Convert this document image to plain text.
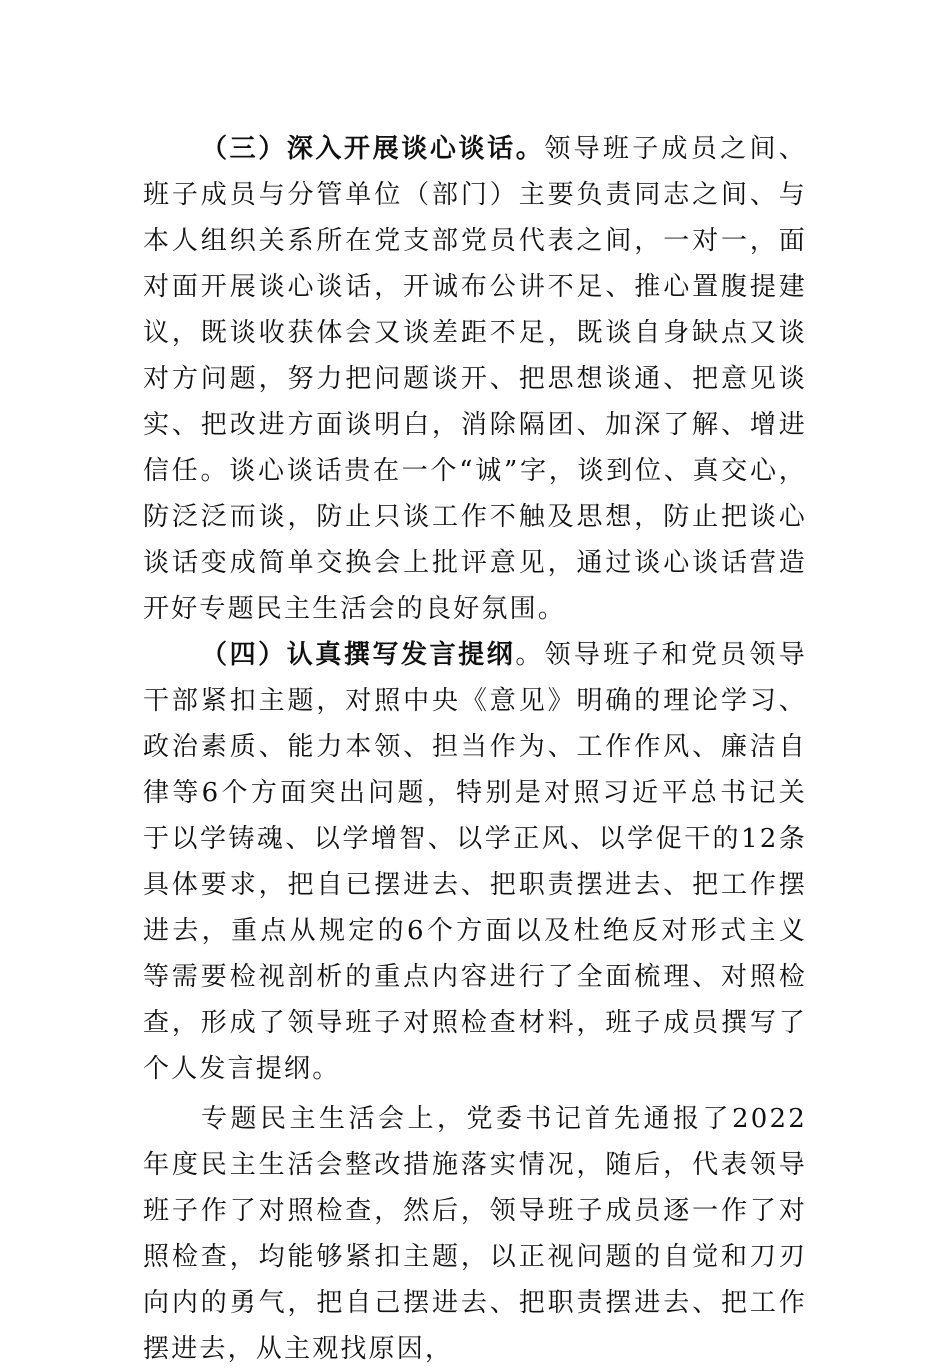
（三）深入开展谈心谈话。领导班子成员之间、班子成员与分管单位（部门）主要负责同志之间、与本人组织关系所在党支部党员代表之间，一对一，面对面开展谈心谈话，开诚布公讲不足、推心置腹提建议，既谈收获体会又谈差距不足，既谈自身缺点又谈对方问题，努力把问题谈开、把思想谈通、把意见谈实、把改进方面谈明白，消除隔团、加深了解、增进信任。谈心谈话贵在一个“诚”字，谈到位、真交心，防泛泛而谈，防止只谈工作不触及思想，防止把谈心谈话变成简单交换会上批评意见，通过谈心谈话营造开好专题民主生活会的良好氛围。

（四）认真撰写发言提纲。领导班子和党员领导干部紧扣主题，对照中央《意见》明确的理论学习、政治素质、能力本领、担当作为、工作作风、廉洁自律等6个方面突出问题，特别是对照习近平总书记关于以学铸魂、以学增智、以学正风、以学促干的12条具体要求，把自已摆进去、把职责摆进去、把工作摆进去，重点从规定的6个方面以及杜绝反对形式主义等需要检视剖析的重点内容进行了全面梳理、对照检查，形成了领导班子对照检查材料，班子成员撰写了个人发言提纲。

专题民主生活会上，党委书记首先通报了2022年度民主生活会整改措施落实情况，随后，代表领导班子作了对照检查，然后，领导班子成员逐一作了对照检查，均能够紧扣主题，以正视问题的自觉和刀刃向内的勇气，把自己摆进去、把职责摆进去、把工作摆进去，从主观找原因，
